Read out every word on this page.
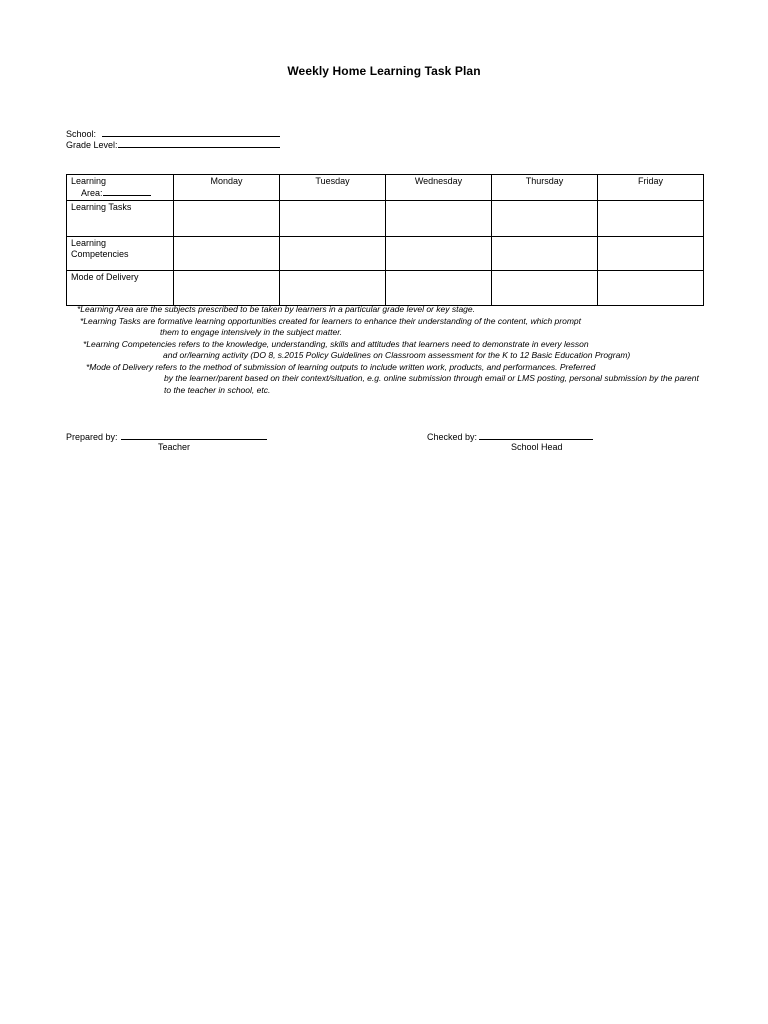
Weekly Home Learning Task Plan
School:
Grade Level:
Learning
Area:	Monday	Tuesday	Wednesday	Thursday	Friday
Learning Tasks					
Learning
Competencies					
Mode of Delivery					
*Learning Area are the subjects prescribed to be taken by learners in a particular grade level or key stage.
*Learning Tasks are formative learning opportunities created for learners to enhance their understanding of the content, which prompt
them to engage intensively in the subject matter.
*Learning Competencies refers to the knowledge, understanding, skills and attitudes that learners need to demonstrate in every lesson
and or/learning activity (DO 8, s.2015 Policy Guidelines on Classroom assessment for the K to 12 Basic Education Program)
*Mode of Delivery refers to the method of submission of learning outputs to include written work, products, and performances. Preferred
by the learner/parent based on their context/situation, e.g. online submission through email or LMS posting, personal submission by the parent to the teacher in school, etc.
Prepared by:
Teacher
Checked by:
School Head
